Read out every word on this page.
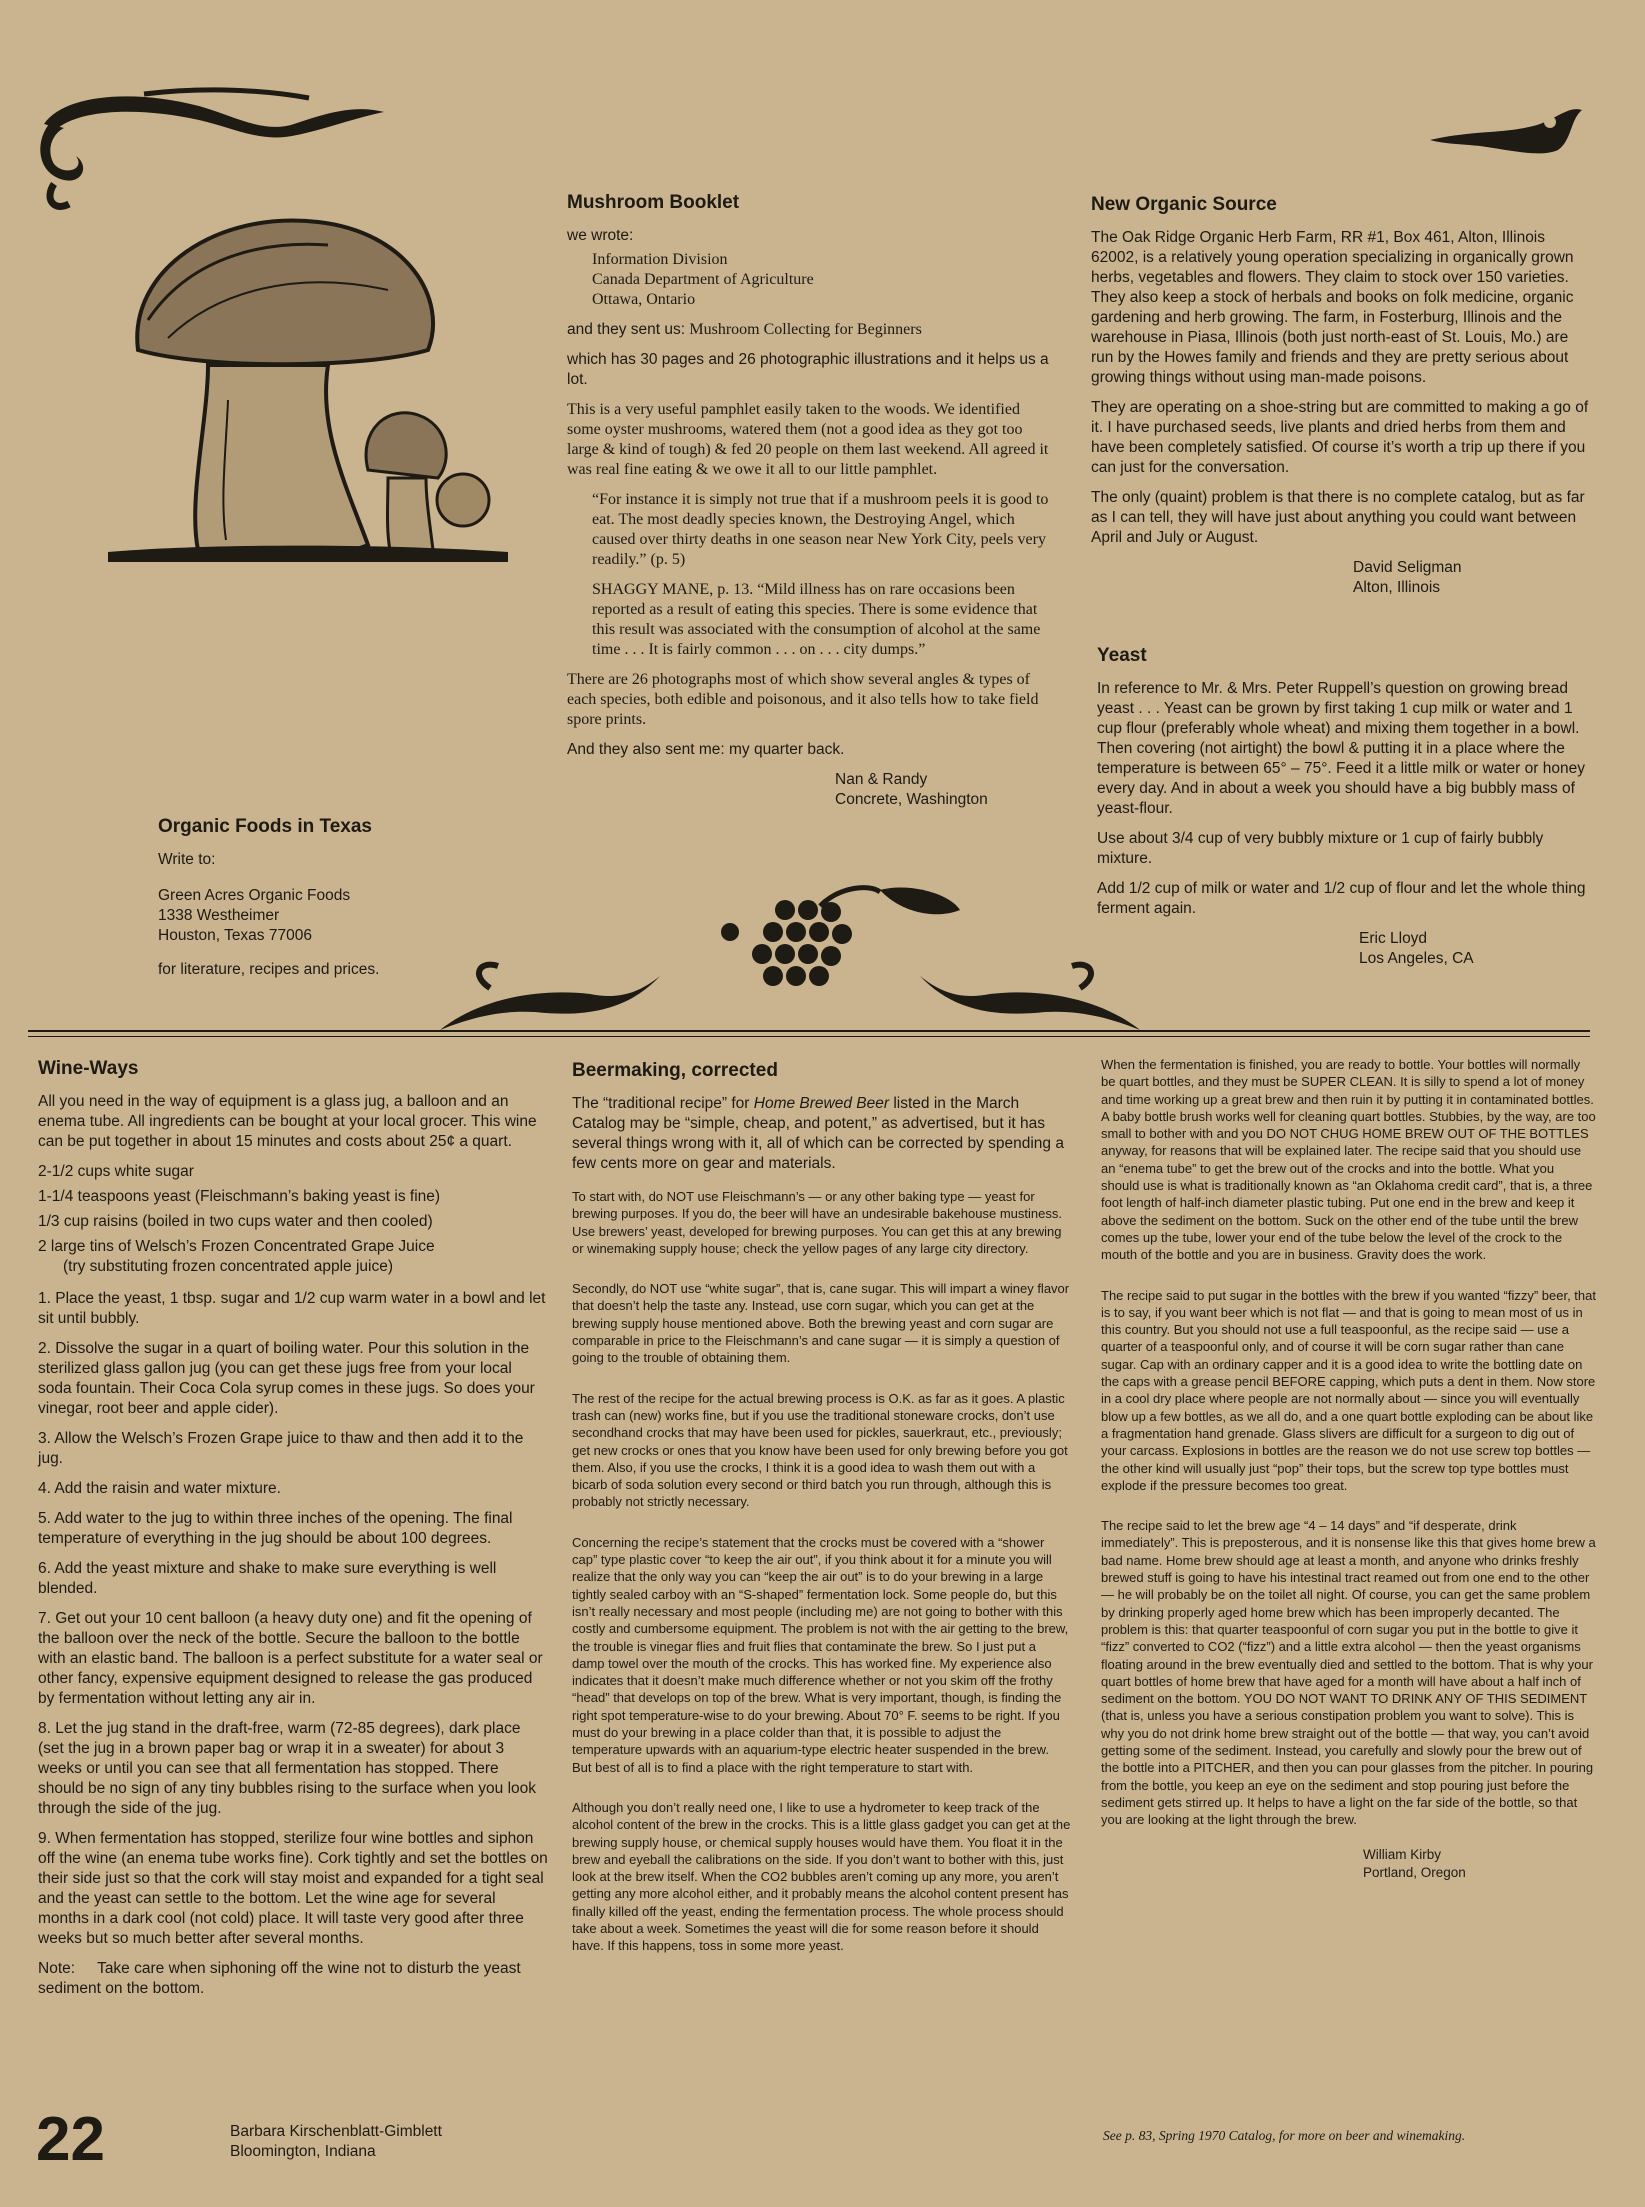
Mushroom Booklet
we wrote:
Information Division
Canada Department of Agriculture
Ottawa, Ontario
and they sent us: Mushroom Collecting for Beginners
which has 30 pages and 26 photographic illustrations and it helps us a lot.
This is a very useful pamphlet easily taken to the woods. We identified some oyster mushrooms, watered them (not a good idea as they got too large & kind of tough) & fed 20 people on them last weekend. All agreed it was real fine eating & we owe it all to our little pamphlet.
“For instance it is simply not true that if a mushroom peels it is good to eat. The most deadly species known, the Destroying Angel, which caused over thirty deaths in one season near New York City, peels very readily.” (p. 5)
SHAGGY MANE, p. 13. “Mild illness has on rare occasions been reported as a result of eating this species. There is some evidence that this result was associated with the consumption of alcohol at the same time . . . It is fairly common . . . on . . . city dumps.”
There are 26 photographs most of which show several angles & types of each species, both edible and poisonous, and it also tells how to take field spore prints.
And they also sent me: my quarter back.
Nan & Randy
Concrete, Washington
New Organic Source
The Oak Ridge Organic Herb Farm, RR #1, Box 461, Alton, Illinois 62002, is a relatively young operation specializing in organically grown herbs, vegetables and flowers. They claim to stock over 150 varieties. They also keep a stock of herbals and books on folk medicine, organic gardening and herb growing. The farm, in Fosterburg, Illinois and the warehouse in Piasa, Illinois (both just north-east of St. Louis, Mo.) are run by the Howes family and friends and they are pretty serious about growing things without using man-made poisons.
They are operating on a shoe-string but are committed to making a go of it. I have purchased seeds, live plants and dried herbs from them and have been completely satisfied. Of course it’s worth a trip up there if you can just for the conversation.
The only (quaint) problem is that there is no complete catalog, but as far as I can tell, they will have just about anything you could want between April and July or August.
David Seligman
Alton, Illinois
Yeast
In reference to Mr. & Mrs. Peter Ruppell’s question on growing bread yeast . . . Yeast can be grown by first taking 1 cup milk or water and 1 cup flour (preferably whole wheat) and mixing them together in a bowl. Then covering (not airtight) the bowl & putting it in a place where the temperature is between 65° – 75°. Feed it a little milk or water or honey every day. And in about a week you should have a big bubbly mass of yeast-flour.
Use about 3/4 cup of very bubbly mixture or 1 cup of fairly bubbly mixture.
Add 1/2 cup of milk or water and 1/2 cup of flour and let the whole thing ferment again.
Eric Lloyd
Los Angeles, CA
Organic Foods in Texas
Write to:
Green Acres Organic Foods
1338 Westheimer
Houston, Texas 77006
for literature, recipes and prices.
Wine-Ways
All you need in the way of equipment is a glass jug, a balloon and an enema tube. All ingredients can be bought at your local grocer. This wine can be put together in about 15 minutes and costs about 25¢ a quart.
2-1/2 cups white sugar
1-1/4 teaspoons yeast (Fleischmann’s baking yeast is fine)
1/3 cup raisins (boiled in two cups water and then cooled)
2 large tins of Welsch’s Frozen Concentrated Grape Juice
(try substituting frozen concentrated apple juice)
1. Place the yeast, 1 tbsp. sugar and 1/2 cup warm water in a bowl and let sit until bubbly.
2. Dissolve the sugar in a quart of boiling water. Pour this solution in the sterilized glass gallon jug (you can get these jugs free from your local soda fountain. Their Coca Cola syrup comes in these jugs. So does your vinegar, root beer and apple cider).
3. Allow the Welsch’s Frozen Grape juice to thaw and then add it to the jug.
4. Add the raisin and water mixture.
5. Add water to the jug to within three inches of the opening. The final temperature of everything in the jug should be about 100 degrees.
6. Add the yeast mixture and shake to make sure everything is well blended.
7. Get out your 10 cent balloon (a heavy duty one) and fit the opening of the balloon over the neck of the bottle. Secure the balloon to the bottle with an elastic band. The balloon is a perfect substitute for a water seal or other fancy, expensive equipment designed to release the gas produced by fermentation without letting any air in.
8. Let the jug stand in the draft-free, warm (72-85 degrees), dark place (set the jug in a brown paper bag or wrap it in a sweater) for about 3 weeks or until you can see that all fermentation has stopped. There should be no sign of any tiny bubbles rising to the surface when you look through the side of the jug.
9. When fermentation has stopped, sterilize four wine bottles and siphon off the wine (an enema tube works fine). Cork tightly and set the bottles on their side just so that the cork will stay moist and expanded for a tight seal and the yeast can settle to the bottom. Let the wine age for several months in a dark cool (not cold) place. It will taste very good after three weeks but so much better after several months.
Note: Take care when siphoning off the wine not to disturb the yeast sediment on the bottom.
22	Barbara Kirschenblatt-Gimblett
Bloomington, Indiana
Beermaking, corrected
The “traditional recipe” for Home Brewed Beer listed in the March Catalog may be “simple, cheap, and potent,” as advertised, but it has several things wrong with it, all of which can be corrected by spending a few cents more on gear and materials.
To start with, do NOT use Fleischmann’s — or any other baking type — yeast for brewing purposes. If you do, the beer will have an undesirable bakehouse mustiness. Use brewers’ yeast, developed for brewing purposes. You can get this at any brewing or winemaking supply house; check the yellow pages of any large city directory.
Secondly, do NOT use “white sugar”, that is, cane sugar. This will impart a winey flavor that doesn’t help the taste any. Instead, use corn sugar, which you can get at the brewing supply house mentioned above. Both the brewing yeast and corn sugar are comparable in price to the Fleischmann’s and cane sugar — it is simply a question of going to the trouble of obtaining them.
The rest of the recipe for the actual brewing process is O.K. as far as it goes. A plastic trash can (new) works fine, but if you use the traditional stoneware crocks, don’t use secondhand crocks that may have been used for pickles, sauerkraut, etc., previously; get new crocks or ones that you know have been used for only brewing before you got them. Also, if you use the crocks, I think it is a good idea to wash them out with a bicarb of soda solution every second or third batch you run through, although this is probably not strictly necessary.
Concerning the recipe’s statement that the crocks must be covered with a “shower cap” type plastic cover “to keep the air out”, if you think about it for a minute you will realize that the only way you can “keep the air out” is to do your brewing in a large tightly sealed carboy with an “S-shaped” fermentation lock. Some people do, but this isn’t really necessary and most people (including me) are not going to bother with this costly and cumbersome equipment. The problem is not with the air getting to the brew, the trouble is vinegar flies and fruit flies that contaminate the brew. So I just put a damp towel over the mouth of the crocks. This has worked fine. My experience also indicates that it doesn’t make much difference whether or not you skim off the frothy “head” that develops on top of the brew. What is very important, though, is finding the right spot temperature-wise to do your brewing. About 70° F. seems to be right. If you must do your brewing in a place colder than that, it is possible to adjust the temperature upwards with an aquarium-type electric heater suspended in the brew. But best of all is to find a place with the right temperature to start with.
Although you don’t really need one, I like to use a hydrometer to keep track of the alcohol content of the brew in the crocks. This is a little glass gadget you can get at the brewing supply house, or chemical supply houses would have them. You float it in the brew and eyeball the calibrations on the side. If you don’t want to bother with this, just look at the brew itself. When the CO2 bubbles aren’t coming up any more, you aren’t getting any more alcohol either, and it probably means the alcohol content present has finally killed off the yeast, ending the fermentation process. The whole process should take about a week. Sometimes the yeast will die for some reason before it should have. If this happens, toss in some more yeast.
When the fermentation is finished, you are ready to bottle. Your bottles will normally be quart bottles, and they must be SUPER CLEAN. It is silly to spend a lot of money and time working up a great brew and then ruin it by putting it in contaminated bottles. A baby bottle brush works well for cleaning quart bottles. Stubbies, by the way, are too small to bother with and you DO NOT CHUG HOME BREW OUT OF THE BOTTLES anyway, for reasons that will be explained later. The recipe said that you should use an “enema tube” to get the brew out of the crocks and into the bottle. What you should use is what is traditionally known as “an Oklahoma credit card”, that is, a three foot length of half-inch diameter plastic tubing. Put one end in the brew and keep it above the sediment on the bottom. Suck on the other end of the tube until the brew comes up the tube, lower your end of the tube below the level of the crock to the mouth of the bottle and you are in business. Gravity does the work.
The recipe said to put sugar in the bottles with the brew if you wanted “fizzy” beer, that is to say, if you want beer which is not flat — and that is going to mean most of us in this country. But you should not use a full teaspoonful, as the recipe said — use a quarter of a teaspoonful only, and of course it will be corn sugar rather than cane sugar. Cap with an ordinary capper and it is a good idea to write the bottling date on the caps with a grease pencil BEFORE capping, which puts a dent in them. Now store in a cool dry place where people are not normally about — since you will eventually blow up a few bottles, as we all do, and a one quart bottle exploding can be about like a fragmentation hand grenade. Glass slivers are difficult for a surgeon to dig out of your carcass. Explosions in bottles are the reason we do not use screw top bottles — the other kind will usually just “pop” their tops, but the screw top type bottles must explode if the pressure becomes too great.
The recipe said to let the brew age “4 – 14 days” and “if desperate, drink immediately”. This is preposterous, and it is nonsense like this that gives home brew a bad name. Home brew should age at least a month, and anyone who drinks freshly brewed stuff is going to have his intestinal tract reamed out from one end to the other — he will probably be on the toilet all night. Of course, you can get the same problem by drinking properly aged home brew which has been improperly decanted. The problem is this: that quarter teaspoonful of corn sugar you put in the bottle to give it “fizz” converted to CO2 (“fizz”) and a little extra alcohol — then the yeast organisms floating around in the brew eventually died and settled to the bottom. That is why your quart bottles of home brew that have aged for a month will have about a half inch of sediment on the bottom. YOU DO NOT WANT TO DRINK ANY OF THIS SEDIMENT (that is, unless you have a serious constipation problem you want to solve). This is why you do not drink home brew straight out of the bottle — that way, you can’t avoid getting some of the sediment. Instead, you carefully and slowly pour the brew out of the bottle into a PITCHER, and then you can pour glasses from the pitcher. In pouring from the bottle, you keep an eye on the sediment and stop pouring just before the sediment gets stirred up. It helps to have a light on the far side of the bottle, so that you are looking at the light through the brew.
William Kirby
Portland, Oregon
See p. 83, Spring 1970 Catalog, for more on beer and winemaking.
